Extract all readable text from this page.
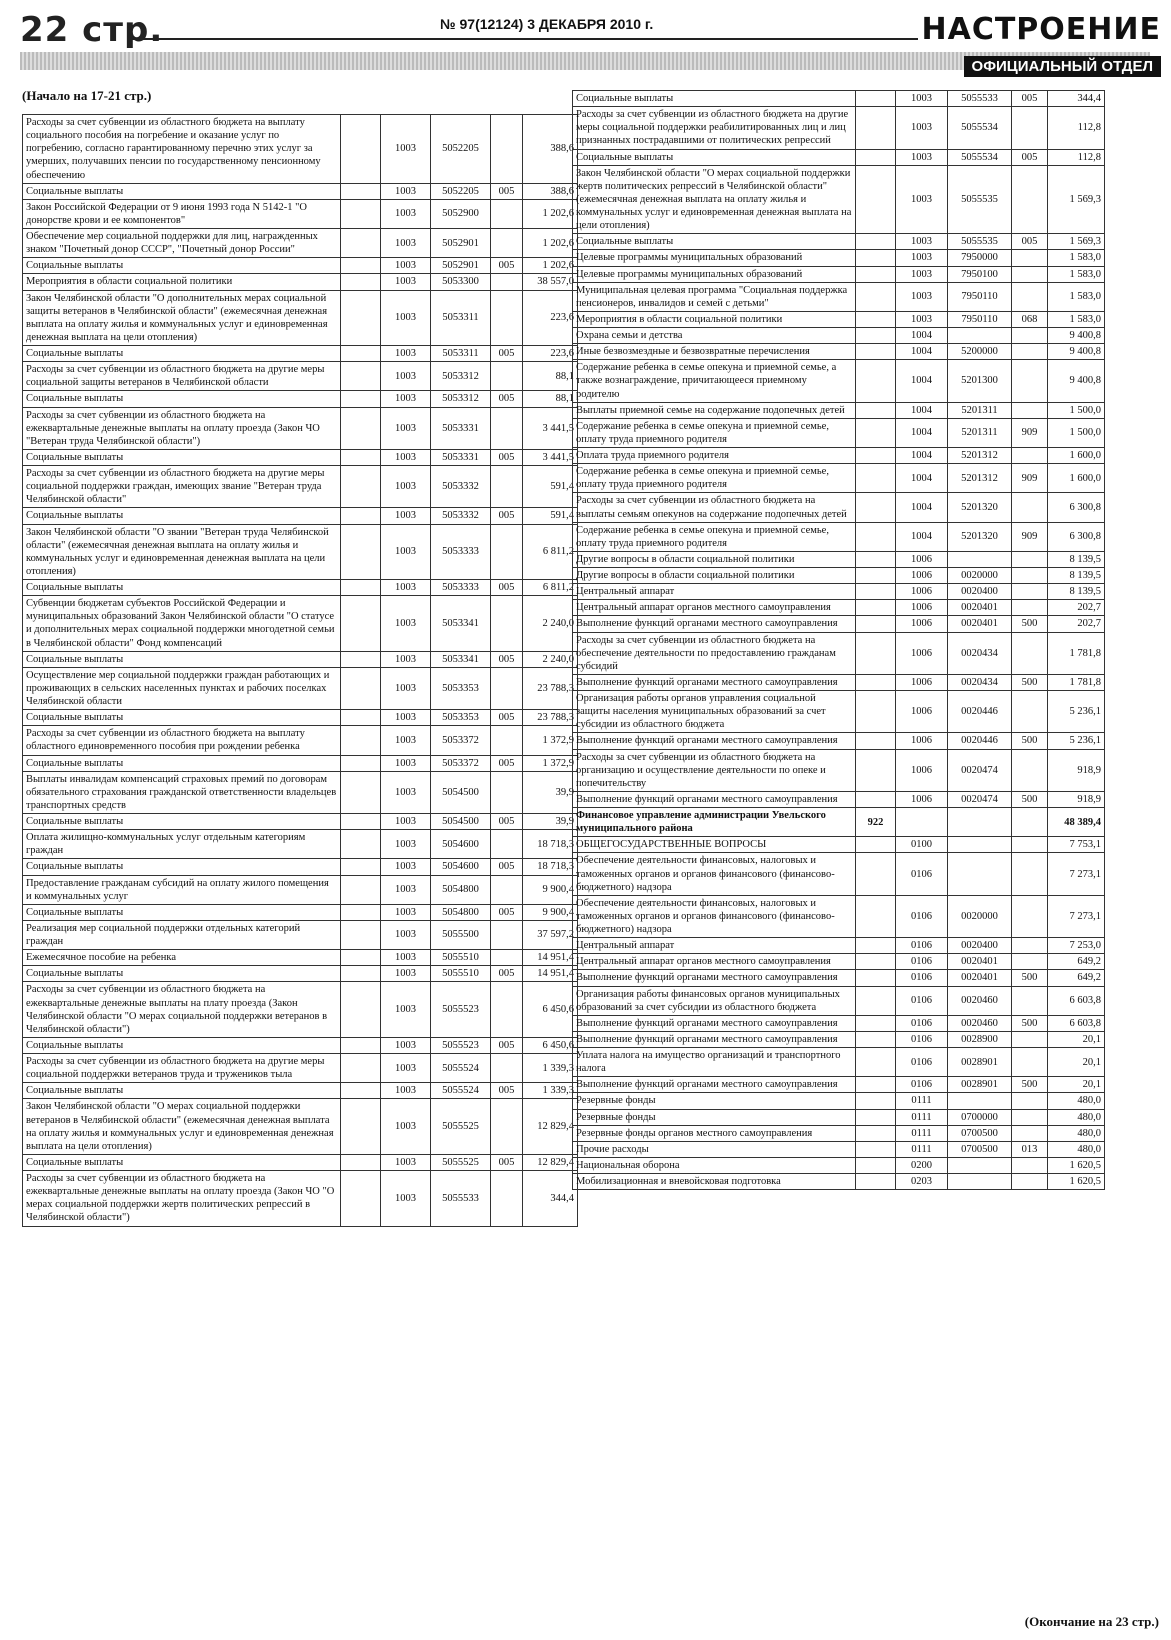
22 стр.	№ 97(12124) 3 ДЕКАБРЯ 2010 г.	НАСТРОЕНИЕ
ОФИЦИАЛЬНЫЙ ОТДЕЛ
(Начало на 17-21 стр.)
Расходы за счет субвенции из областного бюджета на выплату социального пособия на погребение и оказание услуг по погребению, согласно гарантированному перечню этих услуг за умерших, получавших пенсии по государственному пенсионному обеспечению		1003	5052205		388,6
Социальные выплаты		1003	5052205	005	388,6
Закон Российской Федерации от 9 июня 1993 года N 5142-1 "О донорстве крови и ее компонентов"		1003	5052900		1 202,6
Обеспечение мер социальной поддержки для лиц, награжденных знаком "Почетный донор СССР", "Почетный донор России"		1003	5052901		1 202,6
Социальные выплаты		1003	5052901	005	1 202,6
Мероприятия в области социальной политики		1003	5053300		38 557,0
Закон Челябинской области "О дополнительных мерах социальной защиты ветеранов в Челябинской области" (ежемесячная денежная выплата на оплату жилья и коммунальных услуг и единовременная денежная выплата на цели отопления)		1003	5053311		223,6
Социальные выплаты		1003	5053311	005	223,6
Расходы за счет субвенции из областного бюджета на другие меры социальной защиты ветеранов в Челябинской области		1003	5053312		88,1
Социальные выплаты		1003	5053312	005	88,1
Расходы за счет субвенции из областного бюджета на ежеквартальные денежные выплаты на оплату проезда (Закон ЧО "Ветеран труда Челябинской области")		1003	5053331		3 441,5
Социальные выплаты		1003	5053331	005	3 441,5
Расходы за счет субвенции из областного бюджета на другие меры социальной поддержки граждан, имеющих звание "Ветеран труда Челябинской области"		1003	5053332		591,4
Социальные выплаты		1003	5053332	005	591,4
Закон Челябинской области "О звании "Ветеран труда Челябинской области" (ежемесячная денежная выплата на оплату жилья и коммунальных услуг и единовременная денежная выплата на цели отопления)		1003	5053333		6 811,2
Социальные выплаты		1003	5053333	005	6 811,2
Субвенции бюджетам субъектов Российской Федерации и муниципальных образований Закон Челябинской области "О статусе и дополнительных мерах социальной поддержки многодетной семьи в Челябинской области" Фонд компенсаций		1003	5053341		2 240,0
Социальные выплаты		1003	5053341	005	2 240,0
Осуществление мер социальной поддержки граждан работающих и проживающих в сельских населенных пунктах и рабочих поселках Челябинской области		1003	5053353		23 788,3
Социальные выплаты		1003	5053353	005	23 788,3
Расходы за счет субвенции из областного бюджета на выплату областного единовременного пособия при рождении ребенка		1003	5053372		1 372,9
Социальные выплаты		1003	5053372	005	1 372,9
Выплаты инвалидам компенсаций страховых премий по договорам обязательного страхования гражданской ответственности владельцев транспортных средств		1003	5054500		39,9
Социальные выплаты		1003	5054500	005	39,9
Оплата жилищно-коммунальных услуг отдельным категориям граждан		1003	5054600		18 718,3
Социальные выплаты		1003	5054600	005	18 718,3
Предоставление гражданам субсидий на оплату жилого помещения и коммунальных услуг		1003	5054800		9 900,4
Социальные выплаты		1003	5054800	005	9 900,4
Реализация мер социальной поддержки отдельных категорий граждан		1003	5055500		37 597,2
Ежемесячное пособие на ребенка		1003	5055510		14 951,4
Социальные выплаты		1003	5055510	005	14 951,4
Расходы за счет субвенции из областного бюджета на ежеквартальные денежные выплаты на плату проезда (Закон Челябинской области "О мерах социальной поддержки ветеранов в Челябинской области")		1003	5055523		6 450,6
Социальные выплаты		1003	5055523	005	6 450,6
Расходы за счет субвенции из областного бюджета на другие меры социальной поддержки ветеранов труда и тружеников тыла		1003	5055524		1 339,3
Социальные выплаты		1003	5055524	005	1 339,3
Закон Челябинской области "О мерах социальной поддержки ветеранов в Челябинской области" (ежемесячная денежная выплата на оплату жилья и коммунальных услуг и единовременная денежная выплата на цели отопления)		1003	5055525		12 829,4
Социальные выплаты		1003	5055525	005	12 829,4
Расходы за счет субвенции из областного бюджета на ежеквартальные денежные выплаты на оплату проезда (Закон ЧО "О мерах социальной поддержки жертв политических репрессий в Челябинской области")		1003	5055533		344,4
Социальные выплаты		1003	5055533	005	344,4
Расходы за счет субвенции из областного бюджета на другие меры социальной поддержки реабилитированных лиц и лиц признанных пострадавшими от политических репрессий		1003	5055534		112,8
Социальные выплаты		1003	5055534	005	112,8
Закон Челябинской области "О мерах социальной поддержки жертв политических репрессий в Челябинской области" (ежемесячная денежная выплата на оплату жилья и коммунальных услуг и единовременная денежная выплата на цели отопления)		1003	5055535		1 569,3
Социальные выплаты		1003	5055535	005	1 569,3
Целевые программы муниципальных образований		1003	7950000		1 583,0
Целевые программы муниципальных образований		1003	7950100		1 583,0
Муниципальная целевая программа "Социальная поддержка пенсионеров, инвалидов и семей с детьми"		1003	7950110		1 583,0
Мероприятия в области социальной политики		1003	7950110	068	1 583,0
Охрана семьи и детства		1004			9 400,8
Иные безвозмездные и безвозвратные перечисления		1004	5200000		9 400,8
Содержание ребенка в семье опекуна и приемной семье, а также вознаграждение, причитающееся приемному родителю		1004	5201300		9 400,8
Выплаты приемной семье на содержание подопечных детей		1004	5201311		1 500,0
Содержание ребенка в семье опекуна и приемной семье, оплату труда приемного родителя		1004	5201311	909	1 500,0
Оплата труда приемного родителя		1004	5201312		1 600,0
Содержание ребенка в семье опекуна и приемной семье, оплату труда приемного родителя		1004	5201312	909	1 600,0
Расходы за счет субвенции из областного бюджета на выплаты семьям опекунов на содержание подопечных детей		1004	5201320		6 300,8
Содержание ребенка в семье опекуна и приемной семье, оплату труда приемного родителя		1004	5201320	909	6 300,8
Другие вопросы в области социальной политики		1006			8 139,5
Другие вопросы в области социальной политики		1006	0020000		8 139,5
Центральный аппарат		1006	0020400		8 139,5
Центральный аппарат органов местного самоуправления		1006	0020401		202,7
Выполнение функций органами местного самоуправления		1006	0020401	500	202,7
Расходы за счет субвенции из областного бюджета на обеспечение деятельности по предоставлению гражданам субсидий		1006	0020434		1 781,8
Выполнение функций органами местного самоуправления		1006	0020434	500	1 781,8
Организация работы органов управления социальной защиты населения муниципальных образований за счет субсидии из областного бюджета		1006	0020446		5 236,1
Выполнение функций органами местного самоуправления		1006	0020446	500	5 236,1
Расходы за счет субвенции из областного бюджета на организацию и осуществление деятельности по опеке и попечительству		1006	0020474		918,9
Выполнение функций органами местного самоуправления		1006	0020474	500	918,9
Финансовое управление администрации Увельского муниципального района	922				48 389,4
ОБЩЕГОСУДАРСТВЕННЫЕ ВОПРОСЫ		0100			7 753,1
Обеспечение деятельности финансовых, налоговых и таможенных органов и органов финансового (финансово-бюджетного) надзора		0106			7 273,1
Обеспечение деятельности финансовых, налоговых и таможенных органов и органов финансового (финансово-бюджетного) надзора		0106	0020000		7 273,1
Центральный аппарат		0106	0020400		7 253,0
Центральный аппарат органов местного самоуправления		0106	0020401		649,2
Выполнение функций органами местного самоуправления		0106	0020401	500	649,2
Организация работы финансовых органов муниципальных образований за счет субсидии из областного бюджета		0106	0020460		6 603,8
Выполнение функций органами местного самоуправления		0106	0020460	500	6 603,8
Выполнение функций органами местного самоуправления		0106	0028900		20,1
Уплата налога на имущество организаций и транспортного налога		0106	0028901		20,1
Выполнение функций органами местного самоуправления		0106	0028901	500	20,1
Резервные фонды		0111			480,0
Резервные фонды		0111	0700000		480,0
Резервные фонды органов местного самоуправления		0111	0700500		480,0
Прочие расходы		0111	0700500	013	480,0
Национальная оборона		0200			1 620,5
Мобилизационная и вневойсковая подготовка		0203			1 620,5
(Окончание на 23 стр.)
